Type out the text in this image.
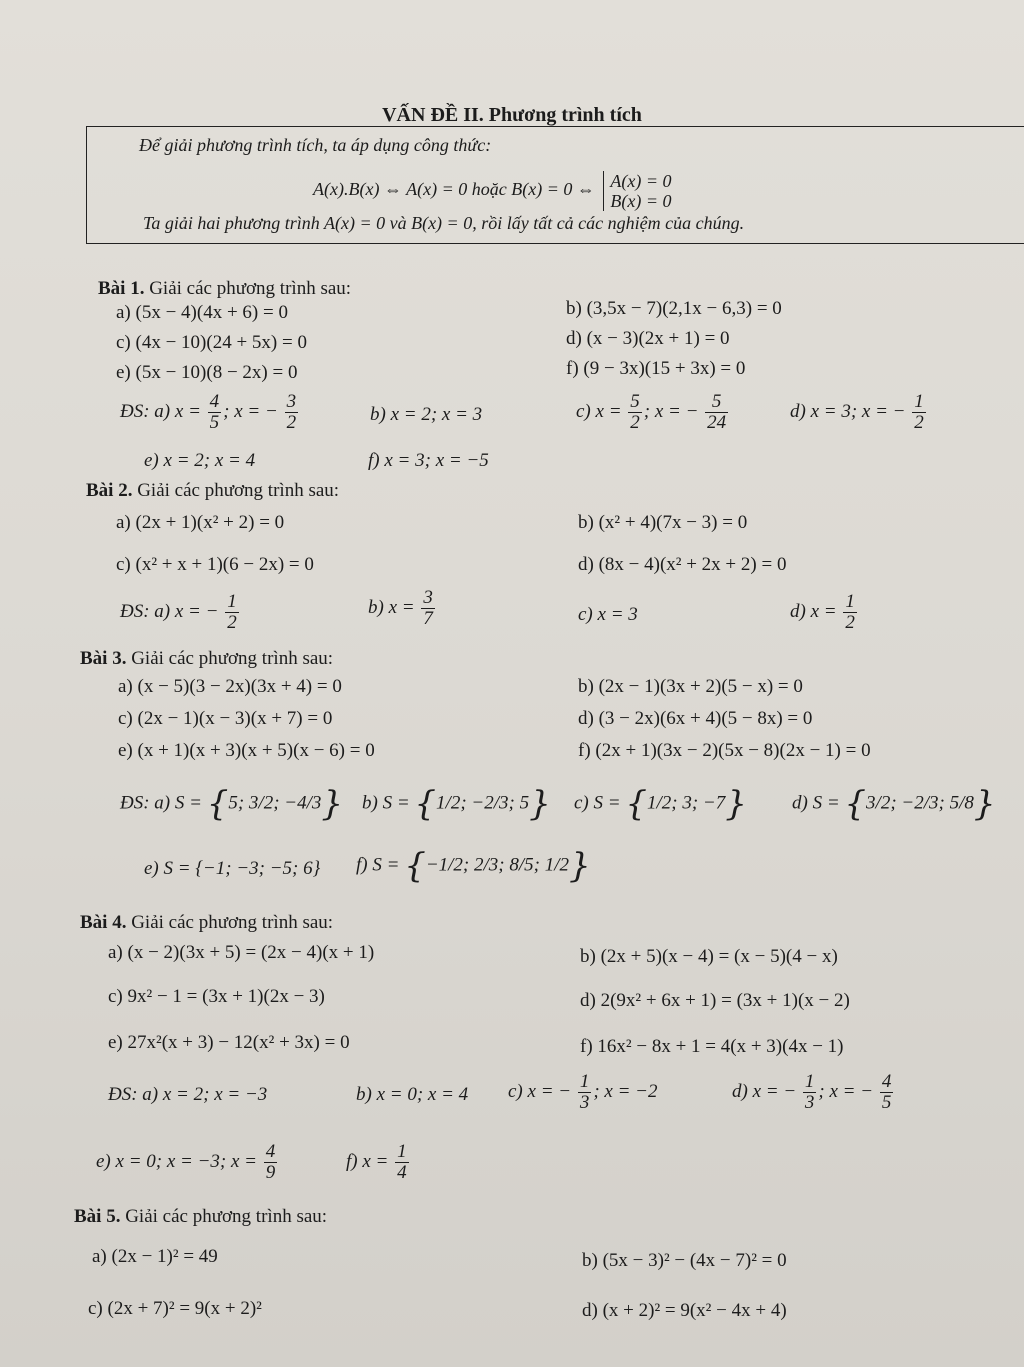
VẤN ĐỀ II. Phương trình tích
Để giải phương trình tích, ta áp dụng công thức:
A(x).B(x) ⇔ A(x) = 0 hoặc B(x) = 0 ⇔ A(x) = 0
B(x) = 0
Ta giải hai phương trình A(x) = 0 và B(x) = 0, rồi lấy tất cả các nghiệm của chúng.
Bài 1. Giải các phương trình sau:
a) (5x − 4)(4x + 6) = 0	b) (3,5x − 7)(2,1x − 6,3) = 0
c) (4x − 10)(24 + 5x) = 0	d) (x − 3)(2x + 1) = 0
e) (5x − 10)(8 − 2x) = 0	f) (9 − 3x)(15 + 3x) = 0
ĐS: a) $x = \frac{4}{5}$ ; x = − $\frac{3}{2}$	b) x = 2; x = 3	c) $x = \frac{5}{2}$ ; x = − $\frac{5}{24}$	d) x = 3; x = − $\frac{1}{2}$
e) x = 2; x = 4	f) x = 3; x = −5
Bài 2. Giải các phương trình sau:
a) (2x + 1)(x² + 2) = 0	b) (x² + 4)(7x − 3) = 0
c) (x² + x + 1)(6 − 2x) = 0	d) (8x − 4)(x² + 2x + 2) = 0
ĐS: a) x = − $\frac{1}{2}$	b) $x = \frac{3}{7}$	c) x = 3	d) $x = \frac{1}{2}$
Bài 3. Giải các phương trình sau:
a) (x − 5)(3 − 2x)(3x + 4) = 0	b) (2x − 1)(3x + 2)(5 − x) = 0
c) (2x − 1)(x − 3)(x + 7) = 0	d) (3 − 2x)(6x + 4)(5 − 8x) = 0
e) (x + 1)(x + 3)(x + 5)(x − 6) = 0	f) (2x + 1)(3x − 2)(5x − 8)(2x − 1) = 0
ĐS: a) S = {5; 3/2; −4/3} b) S = {1/2; −2/3; 5} c) S = {1/2; 3; −7} d) S = {3/2; −2/3; 5/8}
e) S = {−1; −3; −5; 6} f) S = {−1/2; 2/3; 8/5; 1/2}
Bài 4. Giải các phương trình sau:
a) (x − 2)(3x + 5) = (2x − 4)(x + 1)	b) (2x + 5)(x − 4) = (x − 5)(4 − x)
c) 9x² − 1 = (3x + 1)(2x − 3)	d) 2(9x² + 6x + 1) = (3x + 1)(x − 2)
e) 27x²(x + 3) − 12(x² + 3x) = 0	f) 16x² − 8x + 1 = 4(x + 3)(4x − 1)
ĐS: a) x = 2; x = −3	b) x = 0; x = 4 c) x = − $\frac{1}{3}$ ; x = −2	d) x = − $\frac{1}{3}$ ; x = − $\frac{4}{5}$
e) x = 0; x = −3; $x = \frac{4}{9}$	f) $x = \frac{1}{4}$
Bài 5. Giải các phương trình sau:
a) (2x − 1)² = 49	b) (5x − 3)² − (4x − 7)² = 0
c) (2x + 7)² = 9(x + 2)²	d) (x + 2)² = 9(x² − 4x + 4)
